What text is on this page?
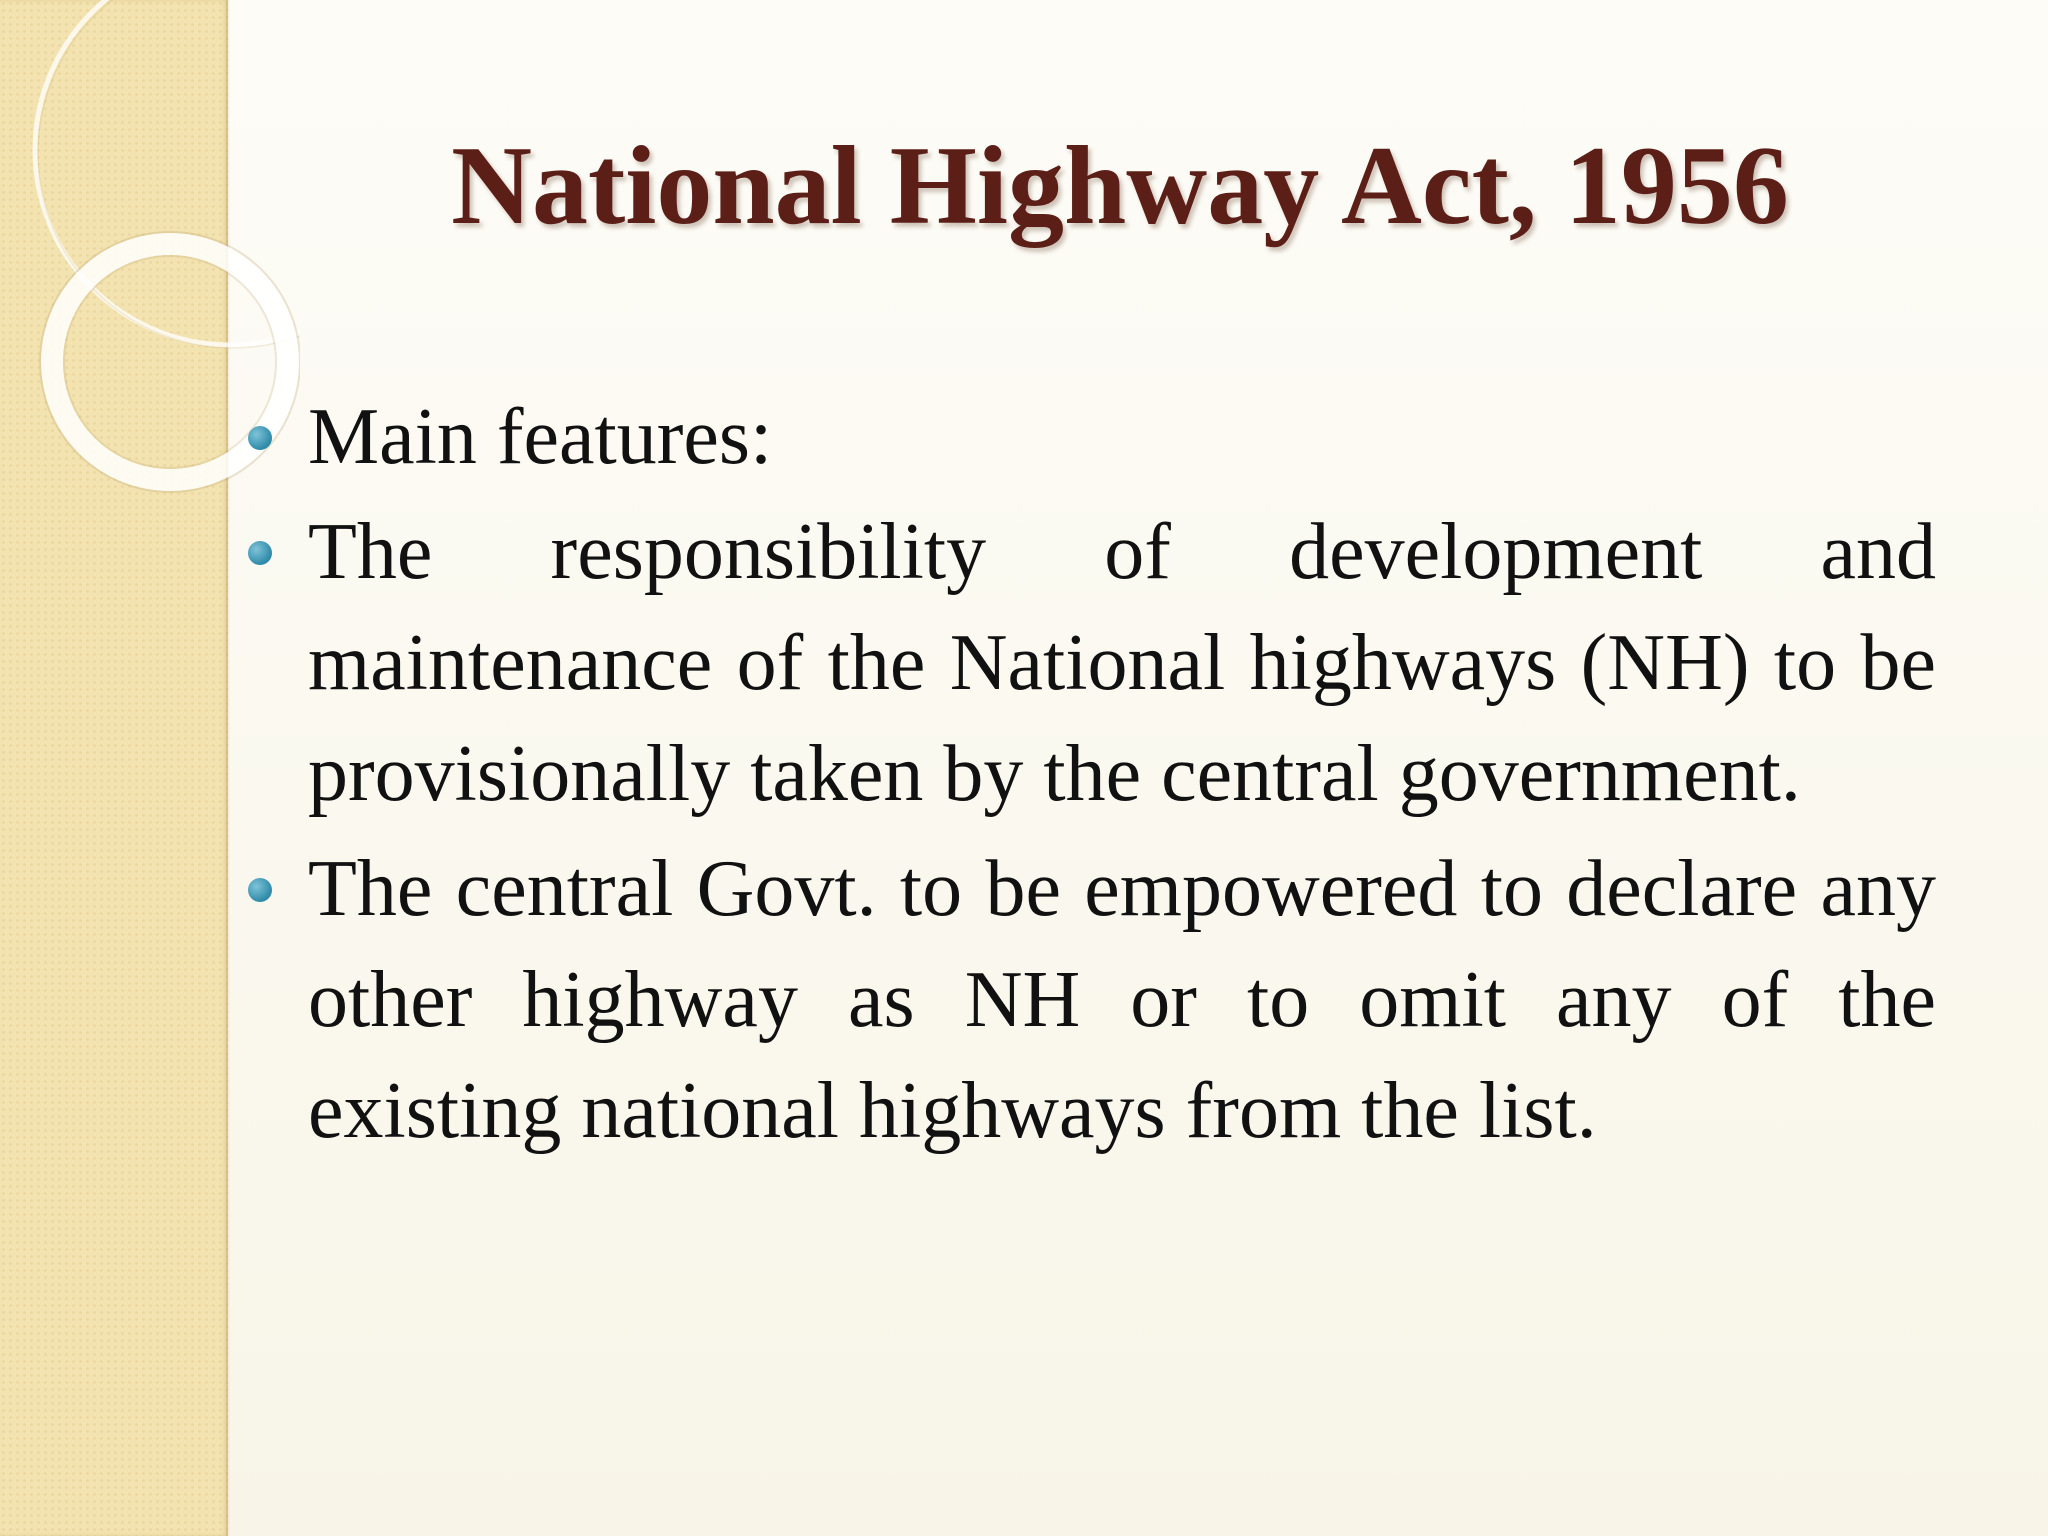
National Highway Act, 1956
Main features:
The responsibility of development and maintenance of the National highways (NH) to be provisionally taken by the central government.
The central Govt. to be empowered to declare any other highway as NH or to omit any of the existing national highways from the list.
